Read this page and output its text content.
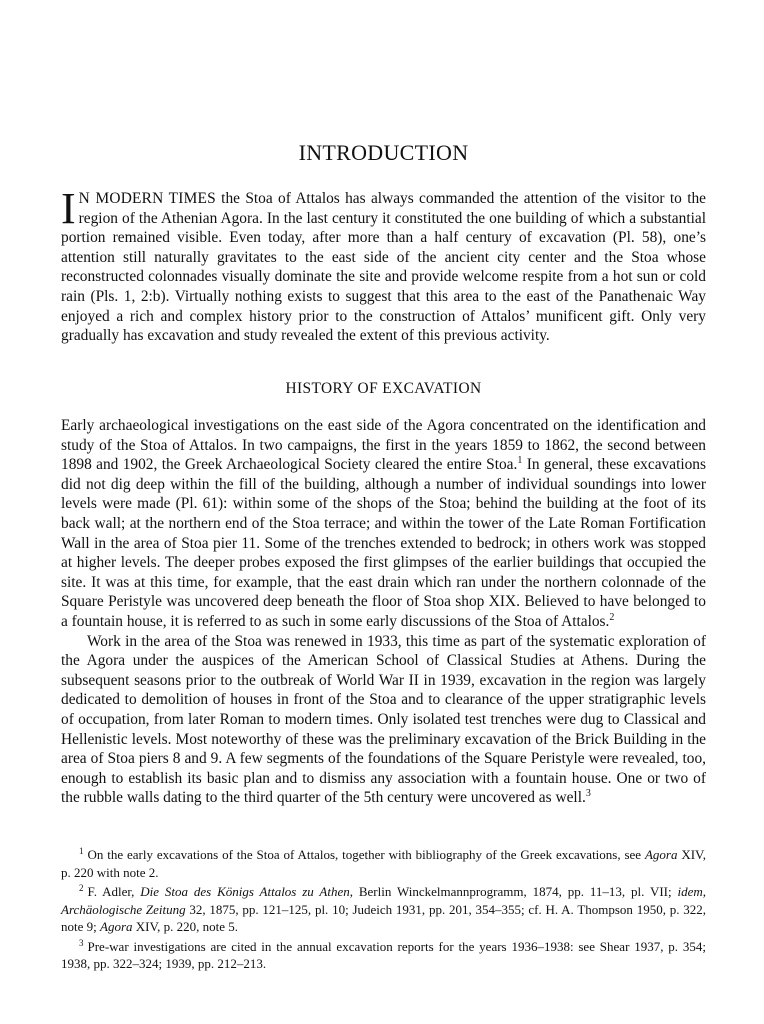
INTRODUCTION

I N MODERN TIMES the Stoa of Attalos has always commanded the attention of the visitor to the region of the Athenian Agora. In the last century it constituted the one building of which a substantial portion remained visible. Even today, after more than a half century of excavation (Pl. 58), one’s attention still naturally gravitates to the east side of the ancient city center and the Stoa whose reconstructed colonnades visually dominate the site and provide welcome respite from a hot sun or cold rain (Pls. 1, 2:b). Virtually nothing exists to suggest that this area to the east of the Panathenaic Way enjoyed a rich and complex history prior to the construction of Attalos’ munificent gift. Only very gradually has excavation and study revealed the extent of this previous activity.

HISTORY OF EXCAVATION

Early archaeological investigations on the east side of the Agora concentrated on the identification and study of the Stoa of Attalos. In two campaigns, the first in the years 1859 to 1862, the second between 1898 and 1902, the Greek Archaeological Society cleared the entire Stoa.$^1$ In general, these excavations did not dig deep within the fill of the building, although a number of individual soundings into lower levels were made (Pl. 61): within some of the shops of the Stoa; behind the building at the foot of its back wall; at the northern end of the Stoa terrace; and within the tower of the Late Roman Fortification Wall in the area of Stoa pier 11. Some of the trenches extended to bedrock; in others work was stopped at higher levels. The deeper probes exposed the first glimpses of the earlier buildings that occupied the site. It was at this time, for example, that the east drain which ran under the northern colonnade of the Square Peristyle was uncovered deep beneath the floor of Stoa shop XIX. Believed to have belonged to a fountain house, it is referred to as such in some early discussions of the Stoa of Attalos.$^2$

Work in the area of the Stoa was renewed in 1933, this time as part of the systematic exploration of the Agora under the auspices of the American School of Classical Studies at Athens. During the subsequent seasons prior to the outbreak of World War II in 1939, excavation in the region was largely dedicated to demolition of houses in front of the Stoa and to clearance of the upper stratigraphic levels of occupation, from later Roman to modern times. Only isolated test trenches were dug to Classical and Hellenistic levels. Most noteworthy of these was the preliminary excavation of the Brick Building in the area of Stoa piers 8 and 9. A few segments of the foundations of the Square Peristyle were revealed, too, enough to establish its basic plan and to dismiss any association with a fountain house. One or two of the rubble walls dating to the third quarter of the 5th century were uncovered as well.$^3$

$^1$ On the early excavations of the Stoa of Attalos, together with bibliography of the Greek excavations, see Agora XIV, p. 220 with note 2.

$^2$ F. Adler, Die Stoa des Königs Attalos zu Athen, Berlin Winckelmannprogramm, 1874, pp. 11–13, pl. VII; idem, Archäologische Zeitung 32, 1875, pp. 121–125, pl. 10; Judeich 1931, pp. 201, 354–355; cf. H. A. Thompson 1950, p. 322, note 9; Agora XIV, p. 220, note 5.

$^3$ Pre-war investigations are cited in the annual excavation reports for the years 1936–1938: see Shear 1937, p. 354; 1938, pp. 322–324; 1939, pp. 212–213.
